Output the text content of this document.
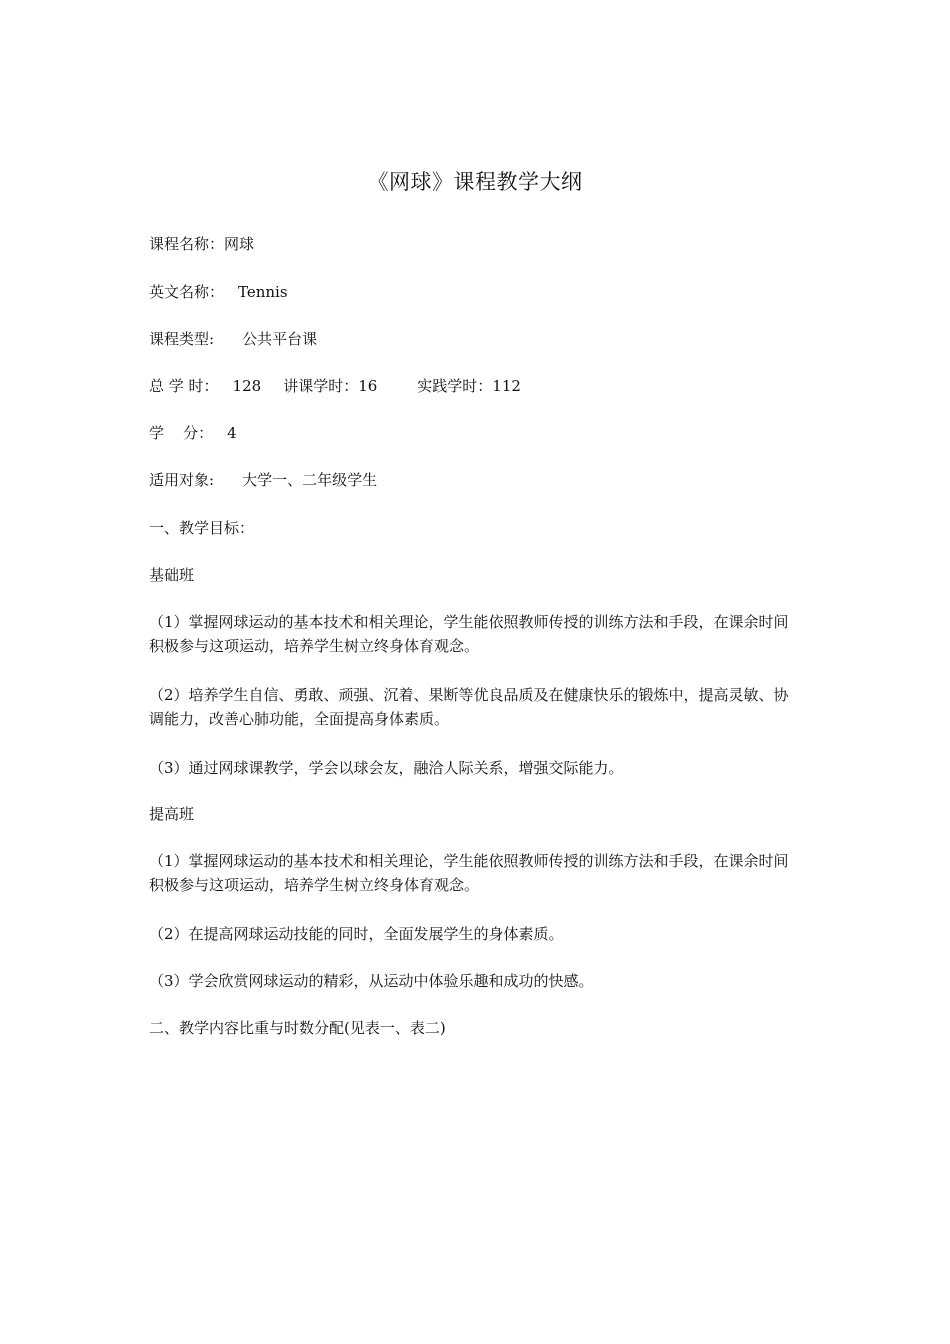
《网球》课程教学大纲
课程名称：网球
英文名称： Tennis
课程类型: 公共平台课
总 学 时： 128 讲课学时：16	实践学时：112
学    分： 4
适用对象: 大学一、二年级学生
一、教学目标：
基础班
（1）掌握网球运动的基本技术和相关理论，学生能依照教师传授的训练方法和手段，在课余时间积极参与这项运动，培养学生树立终身体育观念。
（2）培养学生自信、勇敢、顽强、沉着、果断等优良品质及在健康快乐的锻炼中，提高灵敏、协调能力，改善心肺功能，全面提高身体素质。
（3）通过网球课教学，学会以球会友，融洽人际关系，增强交际能力。
提高班
（1）掌握网球运动的基本技术和相关理论，学生能依照教师传授的训练方法和手段，在课余时间积极参与这项运动，培养学生树立终身体育观念。
（2）在提高网球运动技能的同时，全面发展学生的身体素质。
（3）学会欣赏网球运动的精彩，从运动中体验乐趣和成功的快感。
二、教学内容比重与时数分配(见表一、表二)
